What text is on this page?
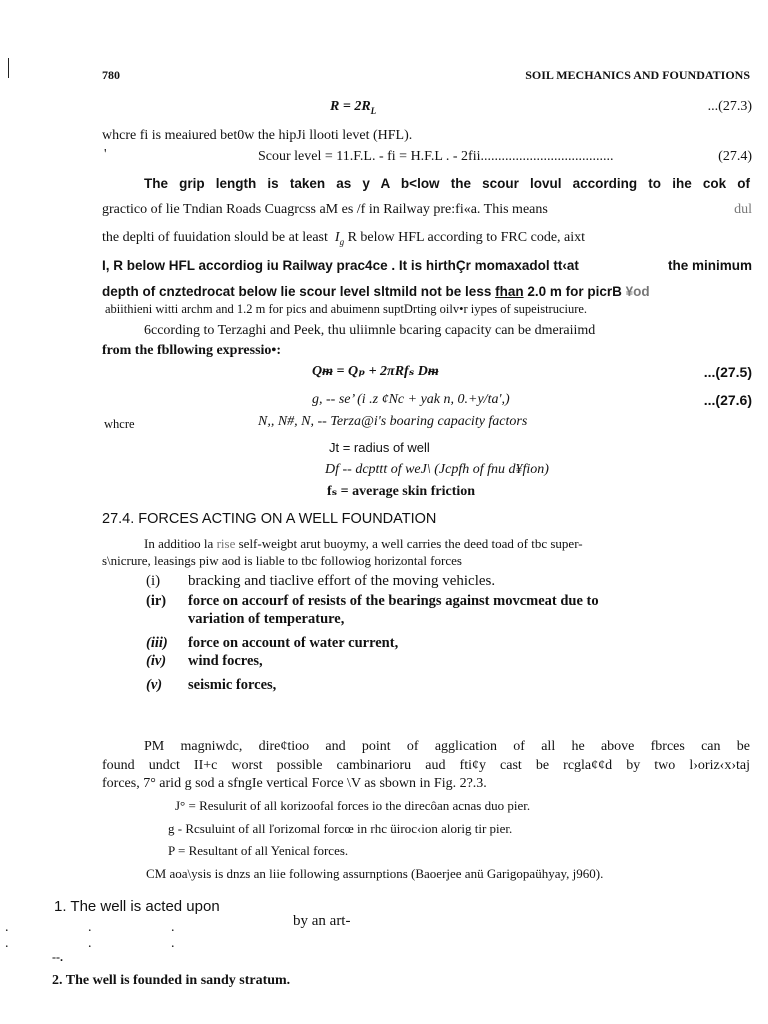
780	SOIL MECHANICS AND FOUNDATIONS
$R = 2R_L$	...(27.3)
whcre fi is meaiured bet0w the hipJi llooti levet (HFL).
'	Scour level = 11.F.L. - fi = H.F.L . - 2fii......................................	(27.4)
The grip length is taken as y A b<low the scour lovul according to ihe cok of
gractico of lie Tndian Roads Cuagrcss aM es /f in Railway pre:fi«a. This means	dul
the deplti of fuuidation slould be at least $I_g$ R below HFL according to FRC code, aixt
I, R below HFL accordiog iu Railway prac4ce . It is hirthÇr momaxadol tt‹at	the minimum
depth of cnztedrocat below lie scour level sltmild not be less fhan 2.0 m for picrB ¥od
abiithieni witti archm and 1.2 m for pics and abuimenn suptDrting oilv•r iypes of supeistruciure.
6ccording to Terzaghi and Peek, thu uliimnle bcaring capacity can be dmeraiimd
from the fbllowing expressio•:
Qᵯ = Qₚ + 2πRfₛ Dᵯ	...(27.5)
g, -- se’ (i .z ¢Nc + yak n, 0.+y/ta',)	...(27.6)
whcre	N,, N#, N, -- Terza@i's boaring capacity factors
Jt = radius of well
Df -- dcpttt of weJ\ (Jcpfh of fnu d¥fion)
fₛ = average skin friction
27.4. FORCES ACTING ON A WELL FOUNDATION
In additioo la rise self-weigbt arut buoymy, a well carries the deed toad of tbc super-
s\nicrure, leasings piw aod is liable to tbc followiog horizontal forces
(i) bracking and tiaclive effort of the moving vehicles.
(ir) force on accourf of resists of the bearings against movcmeat due to
variation of temperature,
(iii) force on account of water current,
(iv) wind focres,
(v) seismic forces,
PM magniwdc, dire¢tioo and point of agglication of all he above fbrces can be
found undct II+c worst possible cambinarioru aud fti¢y cast be rcgla¢¢d by two l›oriz‹x›taj
forces, 7° arid g sod a sfngIe vertical Force \V as sbown in Fig. 2?.3.
J° = Resulurit of all korizoofal forces io the direcôan acnas duo pier.
g - Rcsuluint of all ľorizomal forcœ in rhc üiroc‹ion alorig tir pier.
P = Resultant of all Yenical forces.
CM aoa\ysis is dnzs an liie following assurnptions (Baoerjee anü Garigopaühyay, j960).
1. The well is acted upon
. . . . . .
by an art-
--.
2. The well is founded in sandy stratum.
